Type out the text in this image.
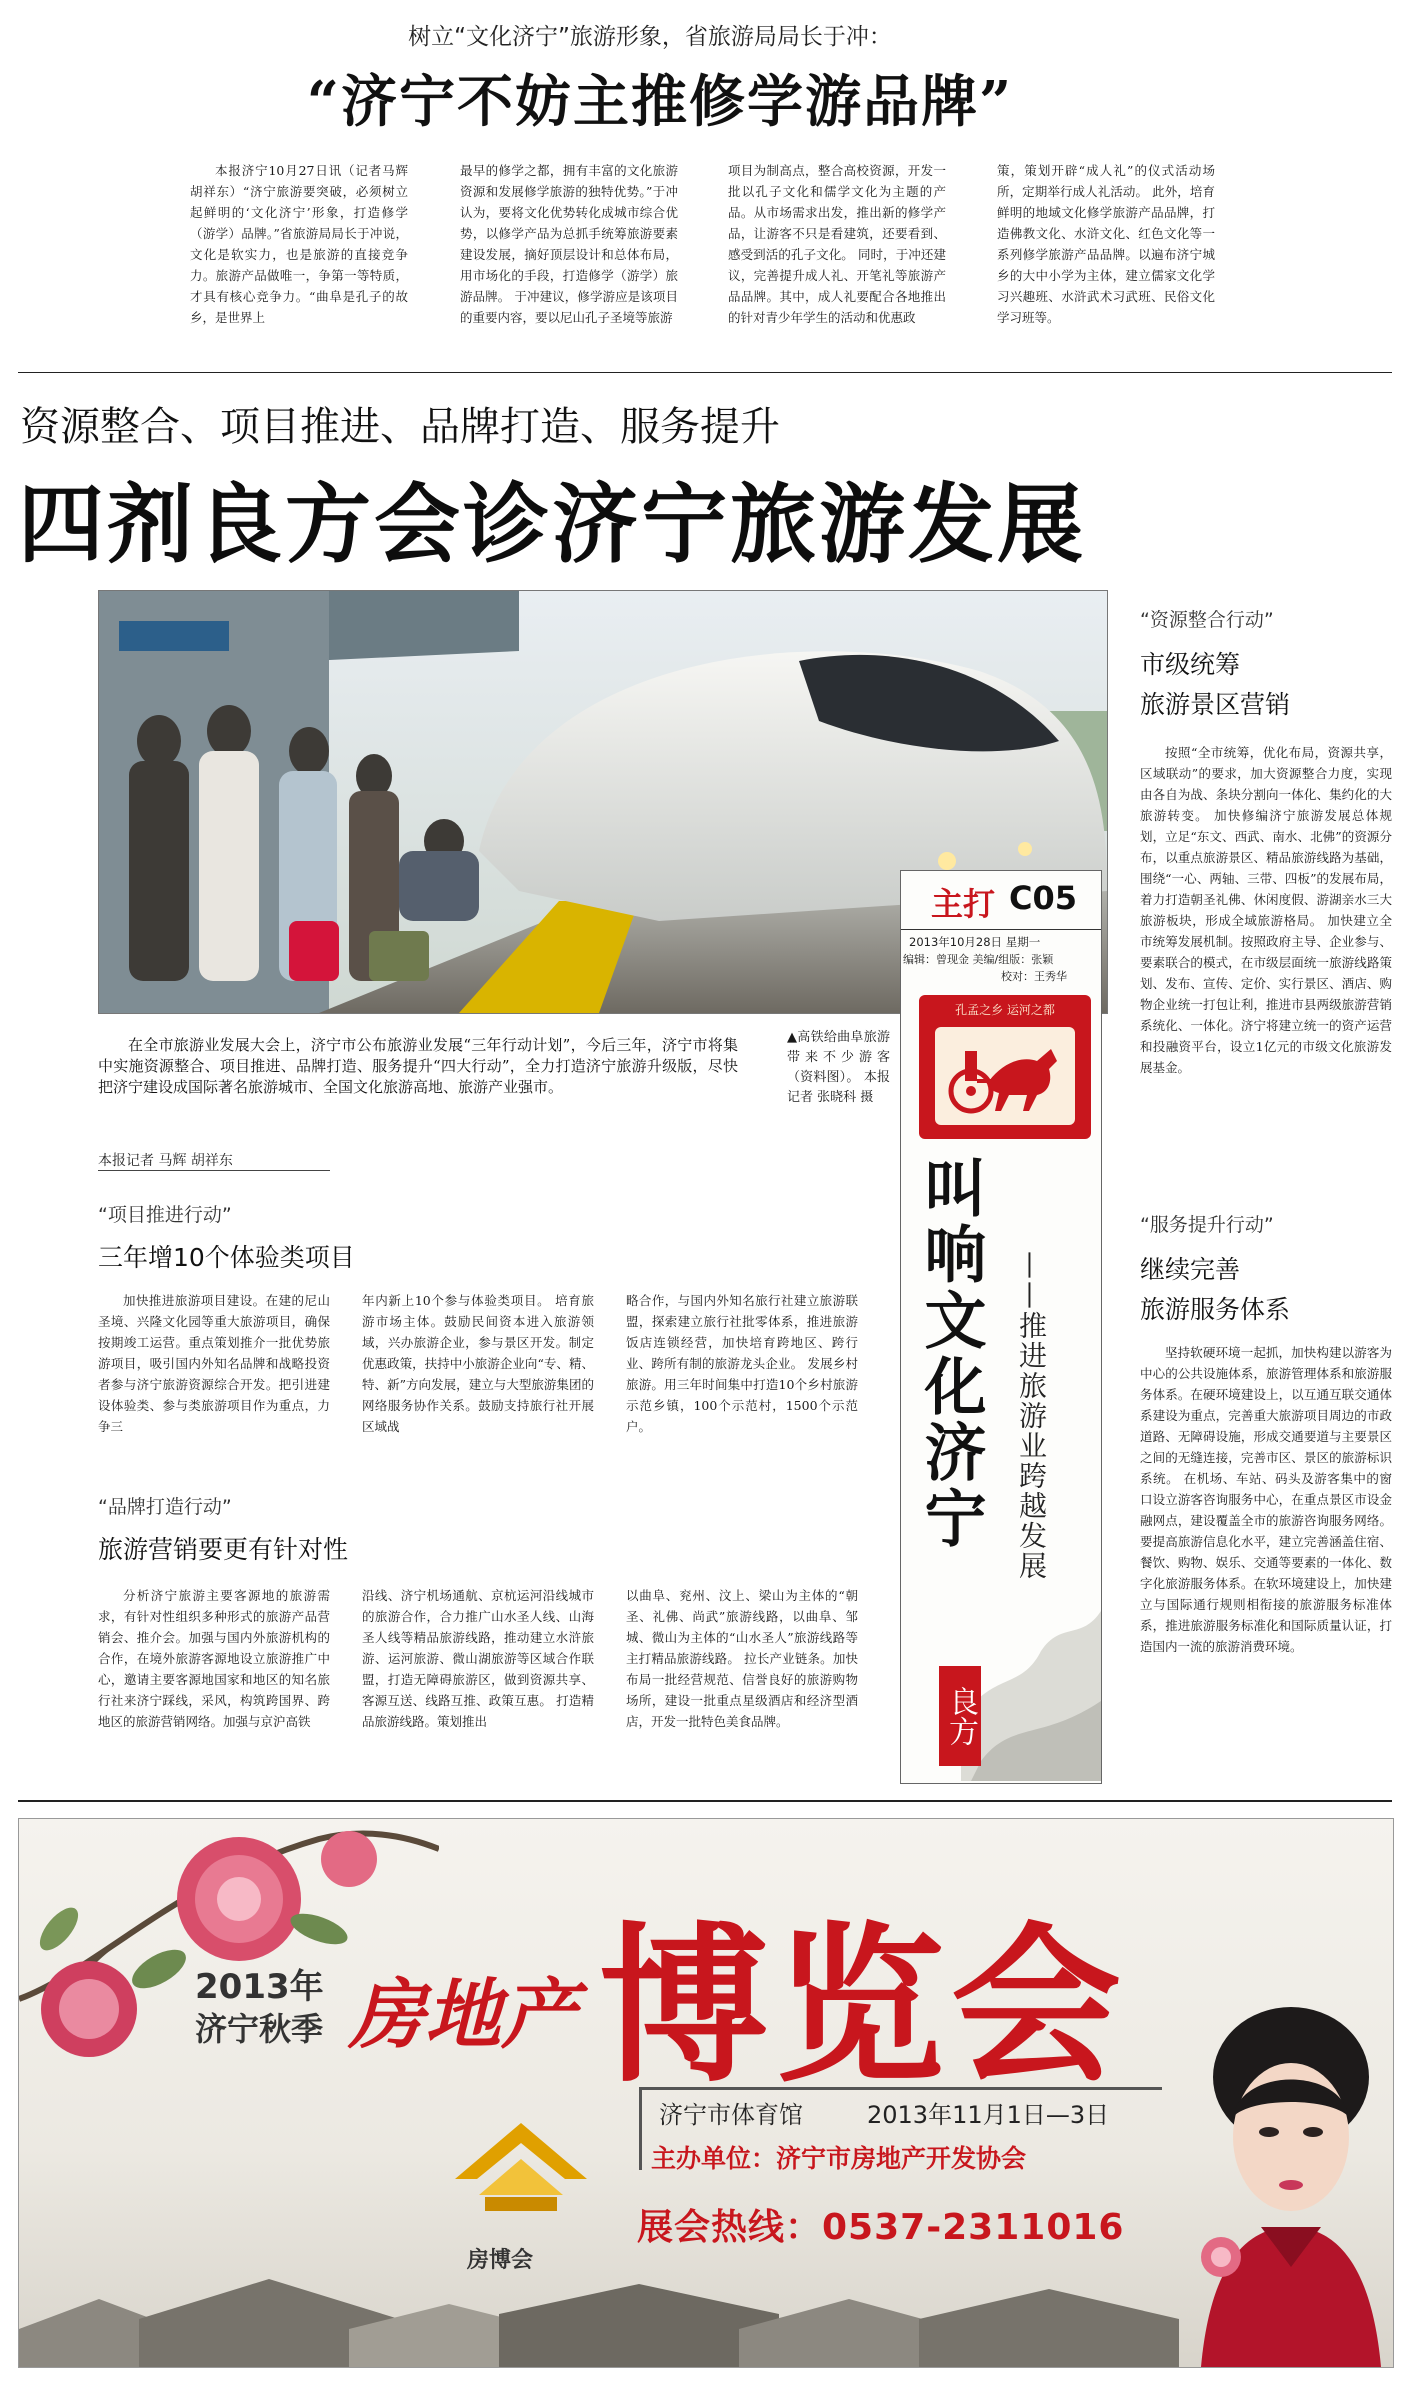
树立“文化济宁”旅游形象，省旅游局局长于冲：
“济宁不妨主推修学游品牌”

本报济宁10月27日讯（记者马辉 胡祥东）“济宁旅游要突破，必须树立起鲜明的‘文化济宁’形象，打造修学（游学）品牌。”省旅游局局长于冲说，文化是软实力，也是旅游的直接竞争力。旅游产品做唯一，争第一等特质，才具有核心竞争力。“曲阜是孔子的故乡，是世界上

最早的修学之都，拥有丰富的文化旅游资源和发展修学旅游的独特优势。”于冲认为，要将文化优势转化成城市综合优势，以修学产品为总抓手统筹旅游要素建设发展，摘好顶层设计和总体布局，用市场化的手段，打造修学（游学）旅游品牌。 于冲建议，修学游应是该项目的重要内容，要以尼山孔子圣境等旅游

项目为制高点，整合高校资源，开发一批以孔子文化和儒学文化为主题的产品。从市场需求出发，推出新的修学产品，让游客不只是看建筑，还要看到、感受到活的孔子文化。 同时，于冲还建议，完善提升成人礼、开笔礼等旅游产品品牌。其中，成人礼要配合各地推出的针对青少年学生的活动和优惠政

策，策划开辟“成人礼”的仪式活动场所，定期举行成人礼活动。 此外，培育鲜明的地域文化修学旅游产品品牌，打造佛教文化、水浒文化、红色文化等一系列修学旅游产品品牌。以遍布济宁城乡的大中小学为主体，建立儒家文化学习兴趣班、水浒武术习武班、民俗文化学习班等。

资源整合、项目推进、品牌打造、服务提升
四剂良方会诊济宁旅游发展

在全市旅游业发展大会上，济宁市公布旅游业发展“三年行动计划”，今后三年，济宁市将集中实施资源整合、项目推进、品牌打造、服务提升“四大行动”，全力打造济宁旅游升级版，尽快把济宁建设成国际著名旅游城市、全国文化旅游高地、旅游产业强市。

▲高铁给曲阜旅游带来不少游客（资料图）。 本报记者 张晓科 摄

本报记者 马辉 胡祥东
“项目推进行动”
三年增10个体验类项目

加快推进旅游项目建设。在建的尼山圣境、兴隆文化园等重大旅游项目，确保按期竣工运营。重点策划推介一批优势旅游项目，吸引国内外知名品牌和战略投资者参与济宁旅游资源综合开发。把引进建设体验类、参与类旅游项目作为重点，力争三

年内新上10个参与体验类项目。 培育旅游市场主体。鼓励民间资本进入旅游领域，兴办旅游企业，参与景区开发。制定优惠政策，扶持中小旅游企业向“专、精、特、新”方向发展，建立与大型旅游集团的网络服务协作关系。鼓励支持旅行社开展区域战

略合作，与国内外知名旅行社建立旅游联盟，探索建立旅行社批零体系，推进旅游饭店连锁经营，加快培育跨地区、跨行业、跨所有制的旅游龙头企业。 发展乡村旅游。用三年时间集中打造10个乡村旅游示范乡镇，100个示范村，1500个示范户。

“品牌打造行动”
旅游营销要更有针对性

分析济宁旅游主要客源地的旅游需求，有针对性组织多种形式的旅游产品营销会、推介会。加强与国内外旅游机构的合作，在境外旅游客源地设立旅游推广中心，邀请主要客源地国家和地区的知名旅行社来济宁踩线，采风，构筑跨国界、跨地区的旅游营销网络。加强与京沪高铁

沿线、济宁机场通航、京杭运河沿线城市的旅游合作，合力推广山水圣人线、山海圣人线等精品旅游线路，推动建立水浒旅游、运河旅游、微山湖旅游等区域合作联盟，打造无障碍旅游区，做到资源共享、客源互送、线路互推、政策互惠。 打造精品旅游线路。策划推出

以曲阜、兖州、汶上、梁山为主体的“朝圣、礼佛、尚武”旅游线路，以曲阜、邹城、微山为主体的“山水圣人”旅游线路等主打精品旅游线路。 拉长产业链条。加快布局一批经营规范、信誉良好的旅游购物场所，建设一批重点星级酒店和经济型酒店，开发一批特色美食品牌。

主打 C05
2013年10月28日 星期一
编辑：曾现金 美编/组版：张颖
校对：王秀华
孔孟之乡 运河之都
叫响文化济宁 ——推进旅游业跨越发展
良方
“资源整合行动”
市级统筹
旅游景区营销

按照“全市统筹，优化布局，资源共享，区域联动”的要求，加大资源整合力度，实现由各自为战、条块分割向一体化、集约化的大旅游转变。 加快修编济宁旅游发展总体规划，立足“东文、西武、南水、北佛”的资源分布，以重点旅游景区、精品旅游线路为基础，围绕“一心、两轴、三带、四板”的发展布局，着力打造朝圣礼佛、休闲度假、游湖亲水三大旅游板块，形成全域旅游格局。 加快建立全市统筹发展机制。按照政府主导、企业参与、要素联合的模式，在市级层面统一旅游线路策划、发布、宣传、定价、实行景区、酒店、购物企业统一打包让利，推进市县两级旅游营销系统化、一体化。济宁将建立统一的资产运营和投融资平台，设立1亿元的市级文化旅游发展基金。

“服务提升行动”
继续完善
旅游服务体系

坚持软硬环境一起抓，加快构建以游客为中心的公共设施体系，旅游管理体系和旅游服务体系。在硬环境建设上，以互通互联交通体系建设为重点，完善重大旅游项目周边的市政道路、无障碍设施，形成交通要道与主要景区之间的无缝连接，完善市区、景区的旅游标识系统。 在机场、车站、码头及游客集中的窗口设立游客咨询服务中心，在重点景区市设金融网点，建设覆盖全市的旅游咨询服务网络。 要提高旅游信息化水平，建立完善涵盖住宿、餐饮、购物、娱乐、交通等要素的一体化、数字化旅游服务体系。在软环境建设上，加快建立与国际通行规则相衔接的旅游服务标准体系，推进旅游服务标准化和国际质量认证，打造国内一流的旅游消费环境。

2013年
济宁秋季 房地产 博览会
济宁市体育馆	2013年11月1日—3日
主办单位：济宁市房地产开发协会
展会热线：0537-2311016
房博会
